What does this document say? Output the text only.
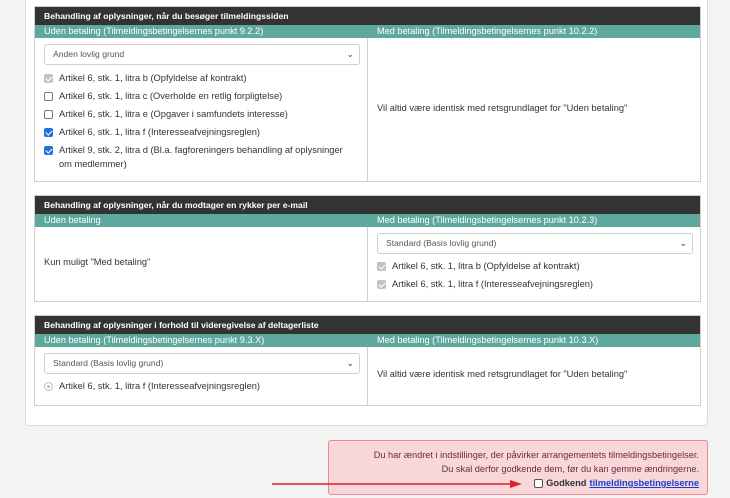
Behandling af oplysninger, når du besøger tilmeldingssiden
Uden betaling (Tilmeldingsbetingelsernes punkt 9.2.2)	Med betaling (Tilmeldingsbetingelsernes punkt 10.2.2)
Anden lovlig grund	⌄
Artikel 6, stk. 1, litra b (Opfyldelse af kontrakt)
Artikel 6, stk. 1, litra c (Overholde en retlig forpligtelse)
Artikel 6, stk. 1, litra e (Opgaver i samfundets interesse)
Artikel 6, stk. 1, litra f (Interesseafvejningsreglen)
Artikel 9, stk. 2, litra d (Bl.a. fagforeningers behandling af oplysninger
om medlemmer)
Vil altid være identisk med retsgrundlaget for "Uden betaling"
Behandling af oplysninger, når du modtager en rykker per e-mail
Uden betaling	Med betaling (Tilmeldingsbetingelsernes punkt 10.2.3)
Kun muligt "Med betaling"
Standard (Basis lovlig grund)	⌄
Artikel 6, stk. 1, litra b (Opfyldelse af kontrakt)
Artikel 6, stk. 1, litra f (Interesseafvejningsreglen)
Behandling af oplysninger i forhold til videregivelse af deltagerliste
Uden betaling (Tilmeldingsbetingelsernes punkt 9.3.X)	Med betaling (Tilmeldingsbetingelsernes punkt 10.3.X)
Standard (Basis lovlig grund)	⌄
Artikel 6, stk. 1, litra f (Interesseafvejningsreglen)
Vil altid være identisk med retsgrundlaget for "Uden betaling"
Du har ændret i indstillinger, der påvirker arrangementets tilmeldingsbetingelser.
Du skal derfor godkende dem, før du kan gemme ændringerne.
Godkend tilmeldingsbetingelserne
